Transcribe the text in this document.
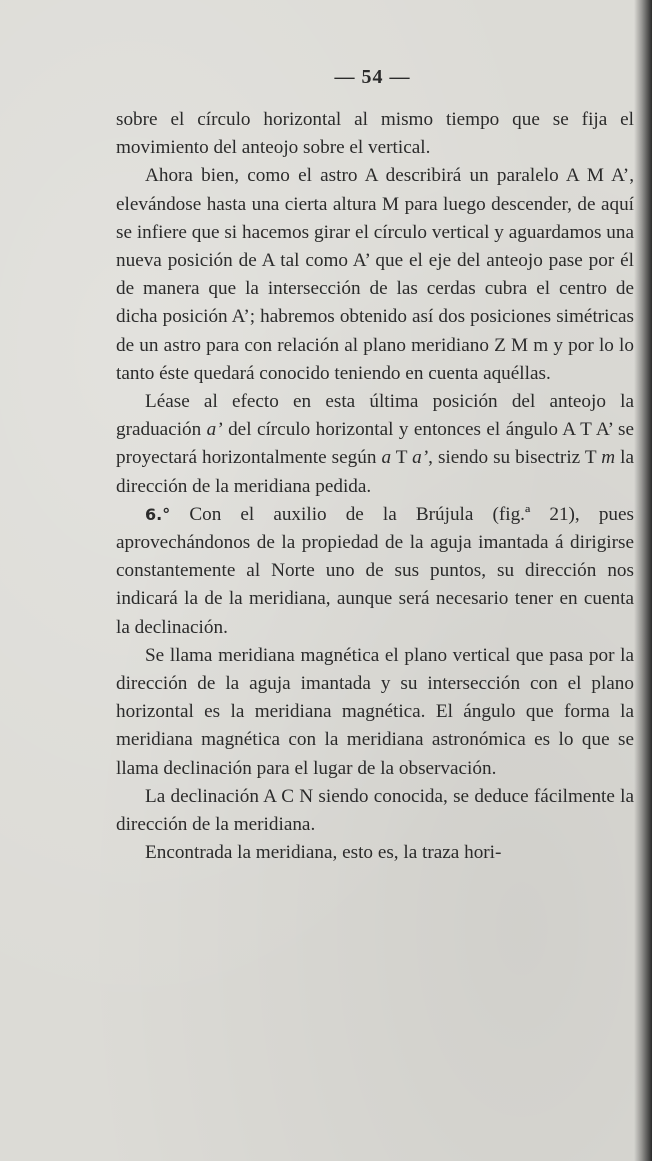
— 54 —

sobre el círculo horizontal al mismo tiempo que se fija el movimiento del anteojo sobre el vertical.

Ahora bien, como el astro A describirá un paralelo A M A’, elevándose hasta una cierta altura M para luego descender, de aquí se infiere que si hacemos girar el círculo vertical y aguardamos una nueva posición de A tal como A’ que el eje del anteojo pase por él de manera que la intersección de las cerdas cubra el centro de dicha posición A’; habremos obtenido así dos posiciones simétricas de un astro para con relación al plano meridiano Z M m y por lo lo tanto éste quedará conocido teniendo en cuenta aquéllas.

Léase al efecto en esta última posición del anteojo la graduación a’ del círculo horizontal y entonces el ángulo A T A’ se proyectará horizontalmente según a T a’, siendo su bisectriz T m la dirección de la meridiana pedida.

6.° Con el auxilio de la Brújula (fig.ª 21), pues aprovechándonos de la propiedad de la aguja imantada á dirigirse constantemente al Norte uno de sus puntos, su dirección nos indicará la de la meridiana, aunque será necesario tener en cuenta la declinación.

Se llama meridiana magnética el plano vertical que pasa por la dirección de la aguja imantada y su intersección con el plano horizontal es la meridiana magnética. El ángulo que forma la meridiana magnética con la meridiana astronómica es lo que se llama declinación para el lugar de la observación.

La declinación A C N siendo conocida, se deduce fácilmente la dirección de la meridiana.

Encontrada la meridiana, esto es, la traza hori-
